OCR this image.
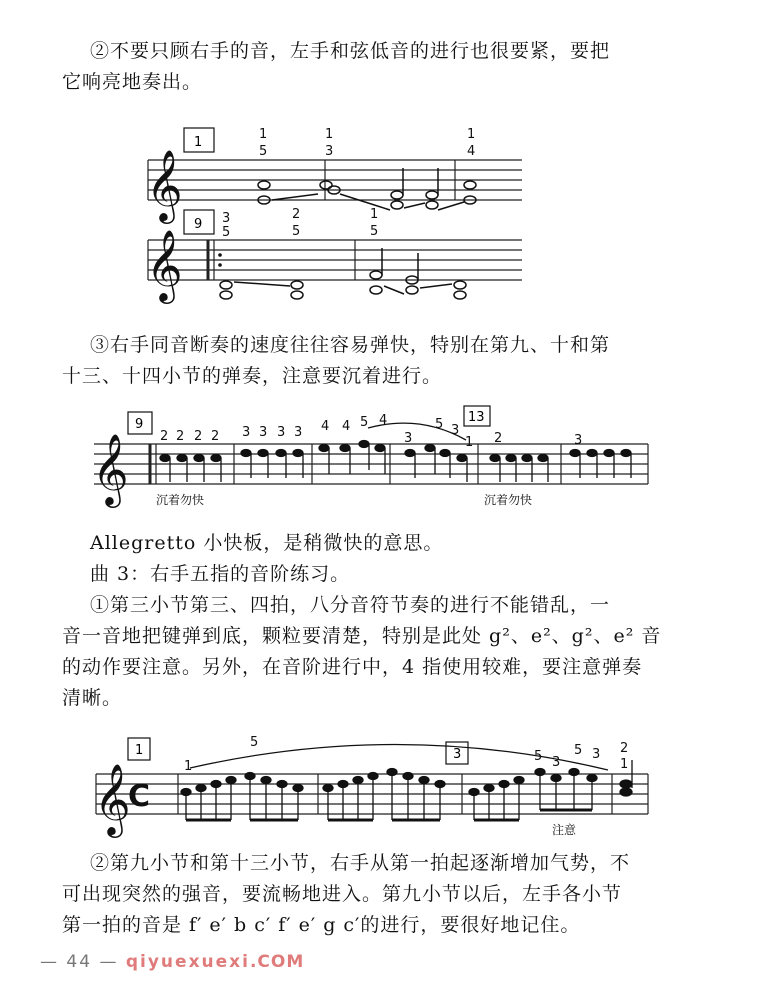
②不要只顾右手的音，左手和弦低音的进行也很要紧，要把
它响亮地奏出。
𝄞
1
1
5
1
3
1
4
𝄞
9 3
5
2
5
1
5
③右手同音断奏的速度往往容易弹快，特别在第九、十和第
十三、十四小节的弹奏，注意要沉着进行。
𝄞
9	13
2 2 2 2 3 3 3 3 4 4 5 4
3
5 3
1 2	3
沉着勿快	沉着勿快
Allegretto 小快板，是稍微快的意思。
曲 3：右手五指的音阶练习。
①第三小节第三、四拍，八分音符节奏的进行不能错乱，一
音一音地把键弹到底，颗粒要清楚，特别是此处 g²、e²、g²、e² 音
的动作要注意。另外，在音阶进行中，4 指使用较难，要注意弹奏
清晰。
𝄞
C
1	3
1
5
5 3
5 3 2
1
注意
②第九小节和第十三小节，右手从第一拍起逐渐增加气势，不
可出现突然的强音，要流畅地进入。第九小节以后，左手各小节
第一拍的音是 f′ e′ b c′ f′ e′ g c′的进行，要很好地记住。
— 44 — qiyuexuexi.COM
